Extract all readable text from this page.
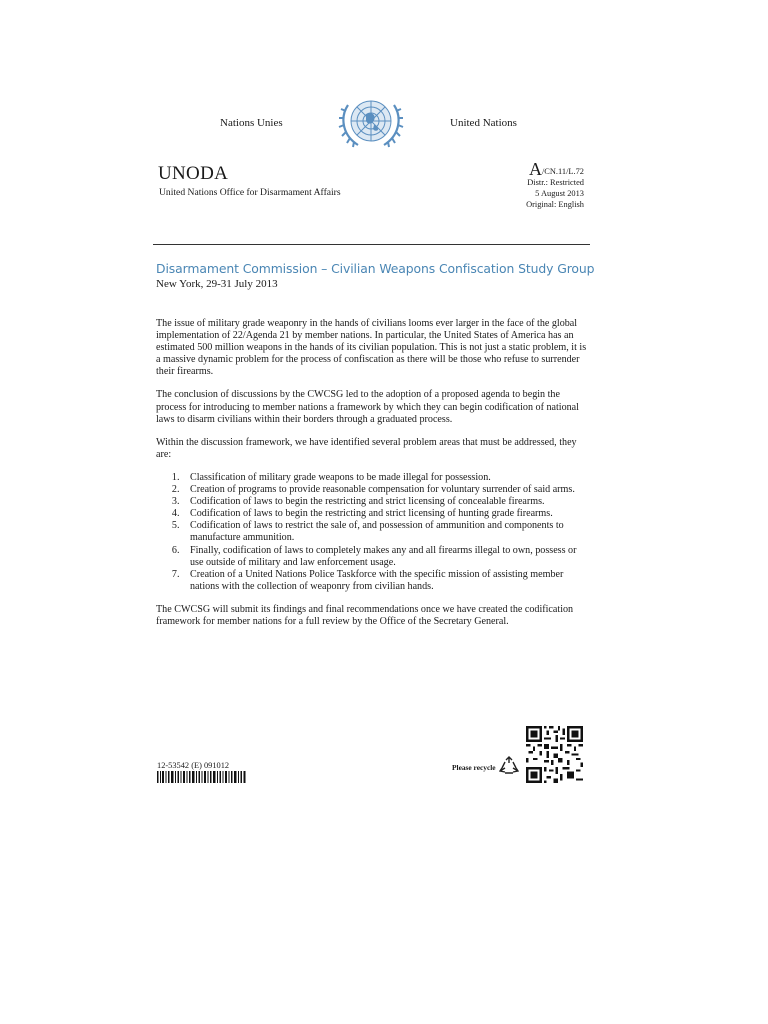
Nations Unies	United Nations
UNODA
United Nations Office for Disarmament Affairs
A/CN.11/L.72
Distr.: Restricted
5 August 2013
Original: English
Disarmament Commission – Civilian Weapons Confiscation Study Group
New York, 29-31 July 2013

The issue of military grade weaponry in the hands of civilians looms ever larger in the face of the global implementation of 22/Agenda 21 by member nations. In particular, the United States of America has an estimated 500 million weapons in the hands of its civilian population. This is not just a static problem, it is a massive dynamic problem for the process of confiscation as there will be those who refuse to surrender their firearms.

The conclusion of discussions by the CWCSG led to the adoption of a proposed agenda to begin the process for introducing to member nations a framework by which they can begin codification of national laws to disarm civilians within their borders through a graduated process.

Within the discussion framework, we have identified several problem areas that must be addressed, they are:

1. Classification of military grade weapons to be made illegal for possession.
2. Creation of programs to provide reasonable compensation for voluntary surrender of said arms.
3. Codification of laws to begin the restricting and strict licensing of concealable firearms.
4. Codification of laws to begin the restricting and strict licensing of hunting grade firearms.
5. Codification of laws to restrict the sale of, and possession of ammunition and components to manufacture ammunition.
6. Finally, codification of laws to completely makes any and all firearms illegal to own, possess or use outside of military and law enforcement usage.
7. Creation of a United Nations Police Taskforce with the specific mission of assisting member nations with the collection of weaponry from civilian hands.

The CWCSG will submit its findings and final recommendations once we have created the codification framework for member nations for a full review by the Office of the Secretary General.

12-53542 (E) 091012	Please recycle
